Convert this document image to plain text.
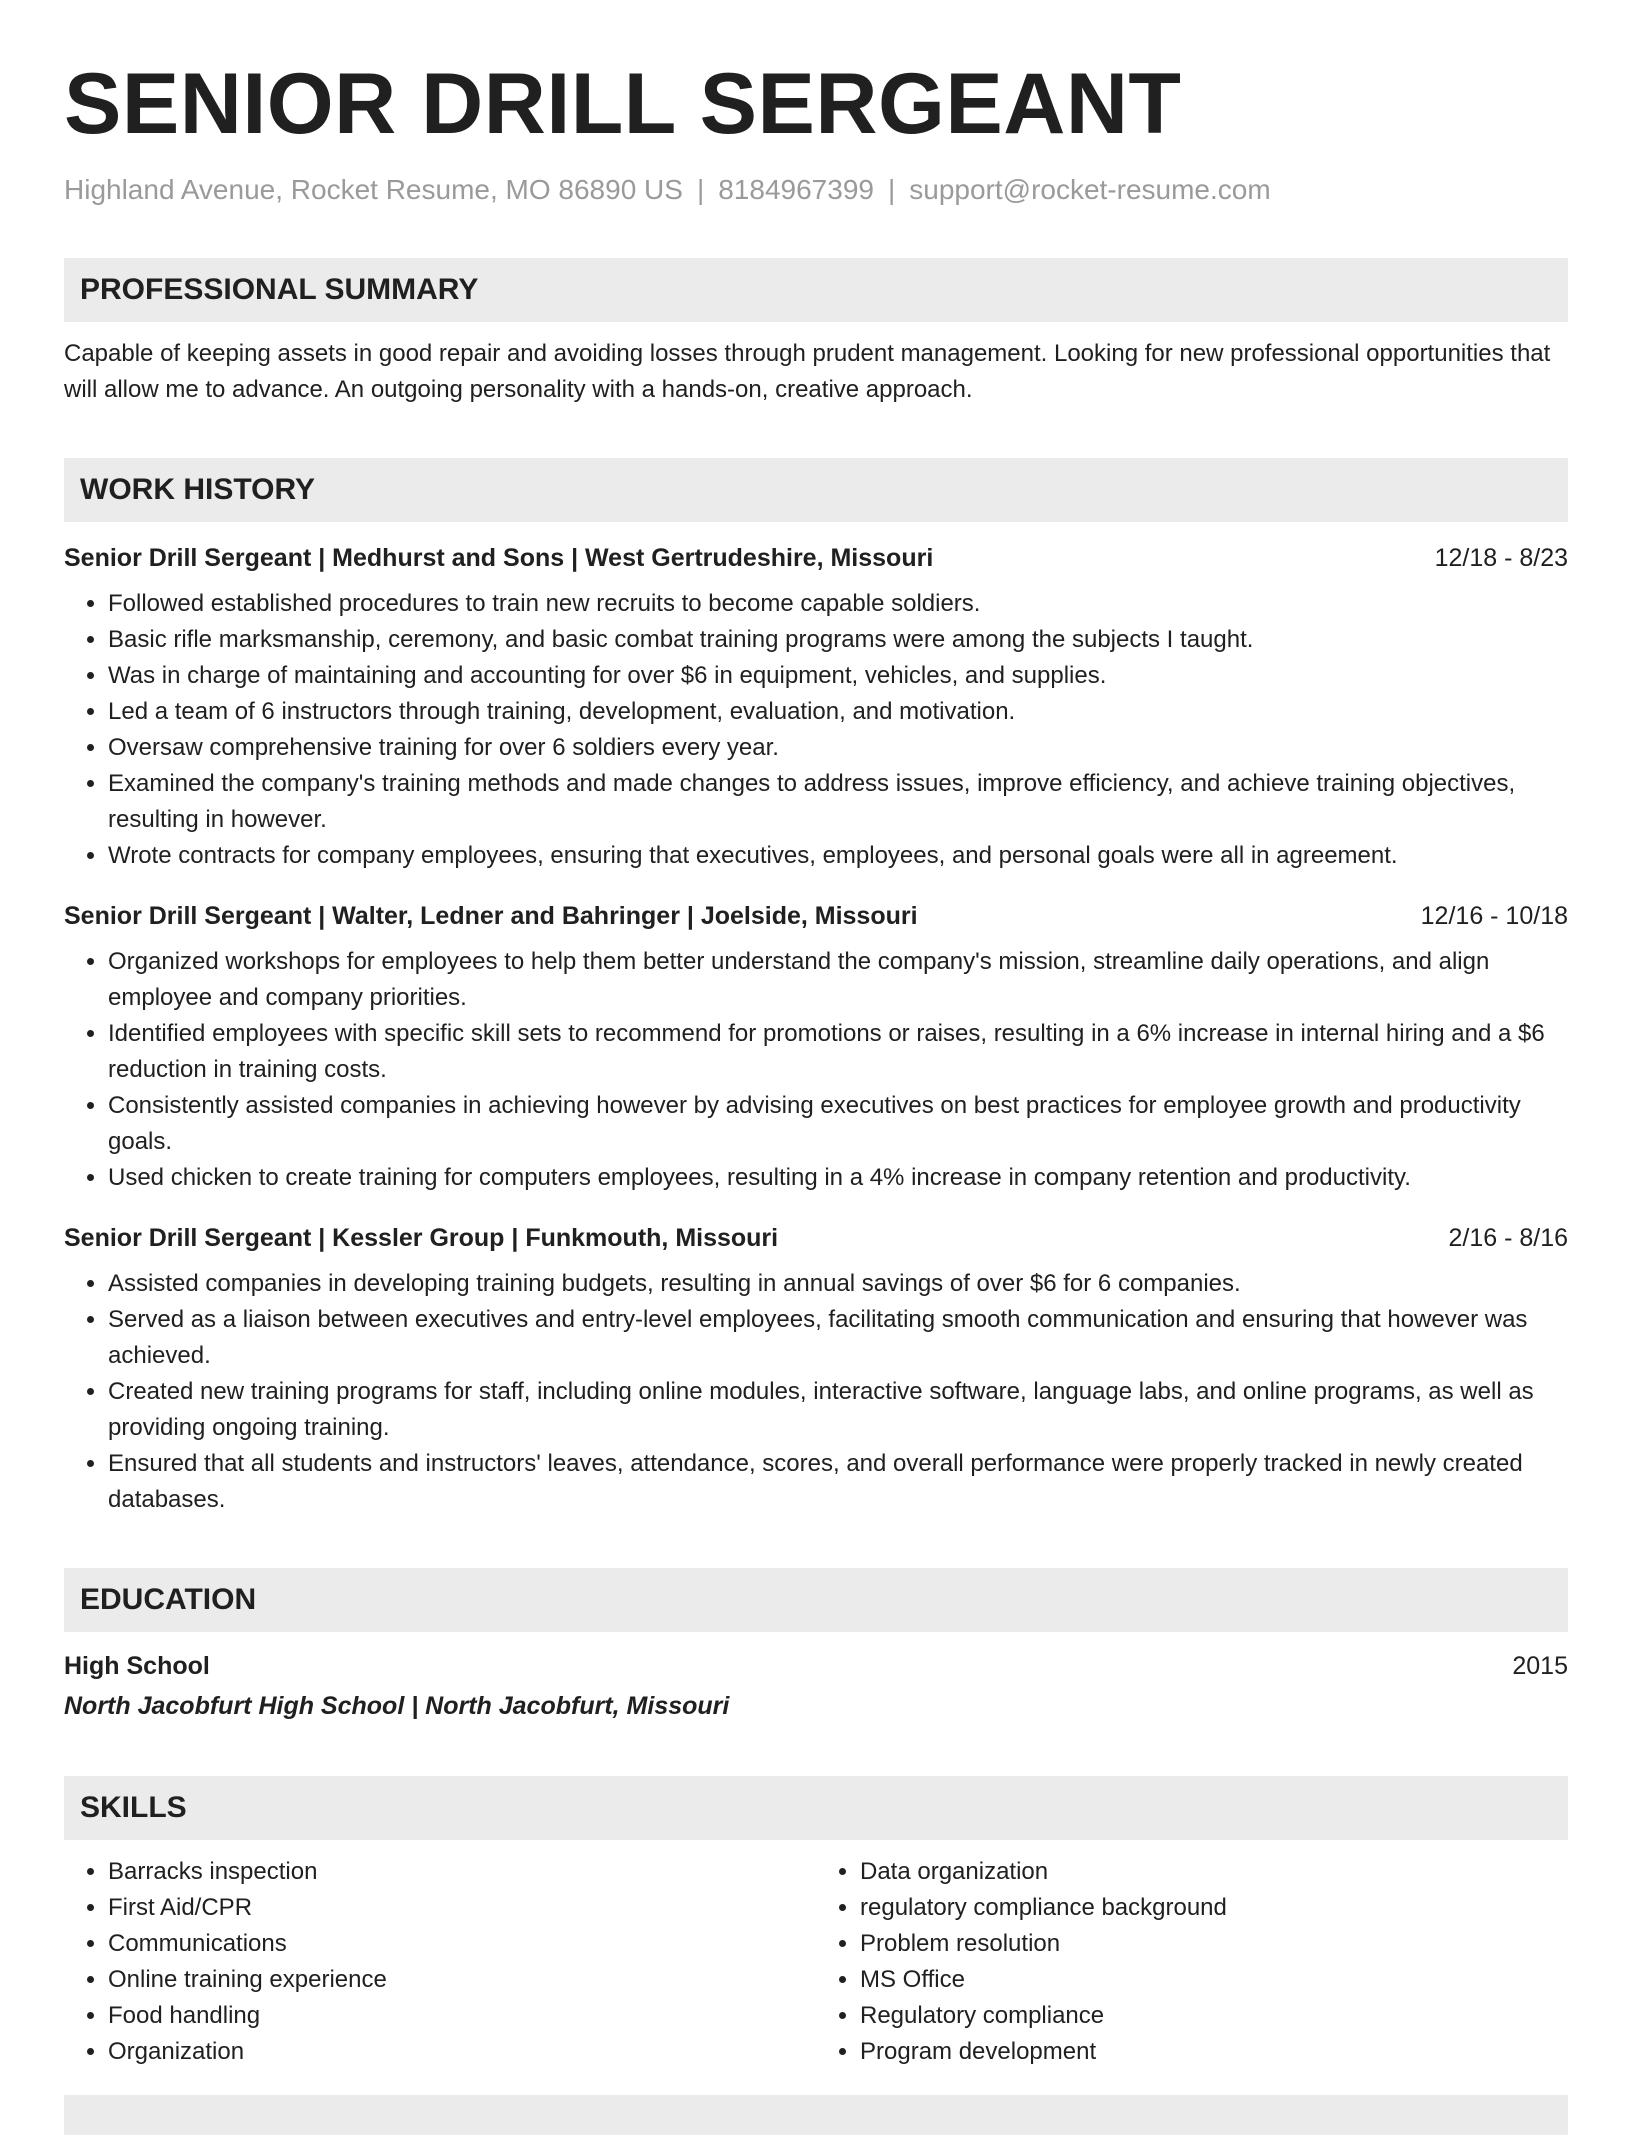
SENIOR DRILL SERGEANT
Highland Avenue, Rocket Resume, MO 86890 US | 8184967399 | support@rocket-resume.com
PROFESSIONAL SUMMARY
Capable of keeping assets in good repair and avoiding losses through prudent management. Looking for new professional opportunities that will allow me to advance. An outgoing personality with a hands-on, creative approach.
WORK HISTORY
Senior Drill Sergeant | Medhurst and Sons | West Gertrudeshire, Missouri	12/18 - 8/23
• Followed established procedures to train new recruits to become capable soldiers.
• Basic rifle marksmanship, ceremony, and basic combat training programs were among the subjects I taught.
• Was in charge of maintaining and accounting for over $6 in equipment, vehicles, and supplies.
• Led a team of 6 instructors through training, development, evaluation, and motivation.
• Oversaw comprehensive training for over 6 soldiers every year.
• Examined the company's training methods and made changes to address issues, improve efficiency, and achieve training objectives, resulting in however.
• Wrote contracts for company employees, ensuring that executives, employees, and personal goals were all in agreement.
Senior Drill Sergeant | Walter, Ledner and Bahringer | Joelside, Missouri	12/16 - 10/18
• Organized workshops for employees to help them better understand the company's mission, streamline daily operations, and align employee and company priorities.
• Identified employees with specific skill sets to recommend for promotions or raises, resulting in a 6% increase in internal hiring and a $6 reduction in training costs.
• Consistently assisted companies in achieving however by advising executives on best practices for employee growth and productivity goals.
• Used chicken to create training for computers employees, resulting in a 4% increase in company retention and productivity.
Senior Drill Sergeant | Kessler Group | Funkmouth, Missouri	2/16 - 8/16
• Assisted companies in developing training budgets, resulting in annual savings of over $6 for 6 companies.
• Served as a liaison between executives and entry-level employees, facilitating smooth communication and ensuring that however was achieved.
• Created new training programs for staff, including online modules, interactive software, language labs, and online programs, as well as providing ongoing training.
• Ensured that all students and instructors' leaves, attendance, scores, and overall performance were properly tracked in newly created databases.
EDUCATION
High School	2015
North Jacobfurt High School | North Jacobfurt, Missouri
SKILLS
• Barracks inspection
• First Aid/CPR
• Communications
• Online training experience
• Food handling
• Organization
• Data organization
• regulatory compliance background
• Problem resolution
• MS Office
• Regulatory compliance
• Program development
